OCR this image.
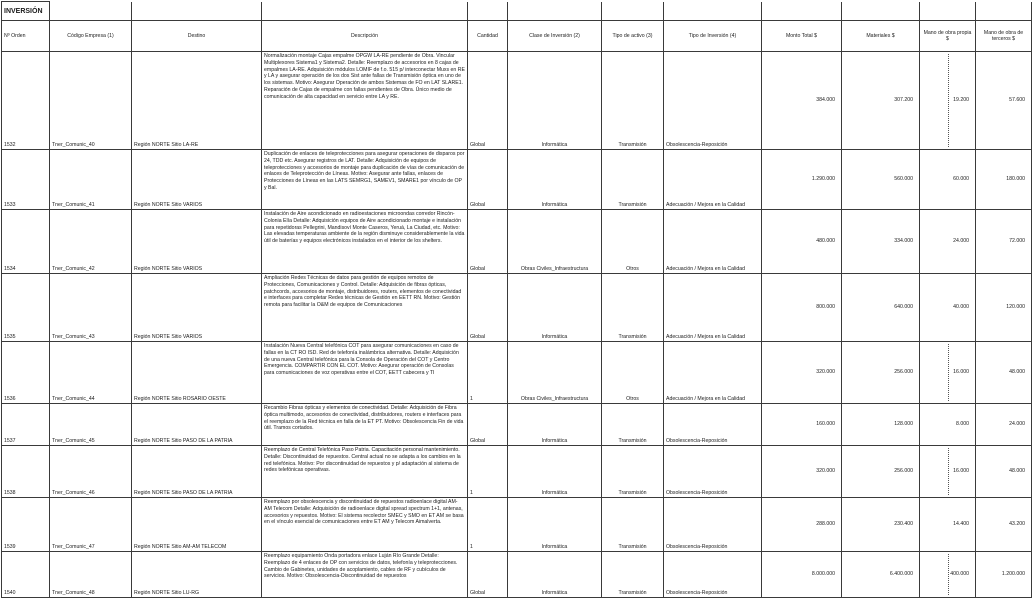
INVERSIÓN											
Nº Orden	Código Empresa (1)	Destino	Descripción	Cantidad	Clase de Inversión (2)	Tipo de activo (3)	Tipo de Inversión (4)	Monto Total $	Materiales $	Mano de obra propia $	Mano de obra de terceros $
1532	Tner_Comunic_40	Región NORTE Sitio LA-RE	Normalización montaje Cajas empalme OPGW LA-RE pendiente de Obra. Vincular Multiplexores Sistema1 y Sistema2. Detalle: Reemplazo de accesorios en 8 cajas de empalmes LA-RE. Adquisición módulos LOMIF de f.o. 515 p/ interconectar Muxs en RE y LA y asegurar operación de los dos Sist ante fallas de Transmisión óptica en uno de los sistemas. Motivo: Asegurar Operación de ambos Sistemas de FO en LAT SLARE1. Reparación de Cajas de empalme con fallas pendientes de Obra. Único medio de comunicación de alta capacidad en servicio entre LA y RE.	Global	Informática	Transmisión	Obsolescencia-Reposición	384.000	307.200	19.200	57.600
1533	Tner_Comunic_41	Región NORTE Sitio VARIOS	Duplicación de enlaces de teleprotecciones para asegurar operaciones de disparos por 24, TDD etc. Asegurar registros de LAT. Detalle: Adquisición de equipos de teleprotecciones y accesorios de montaje para duplicación de vías de comunicación de enlaces de Teleprotección de Líneas. Motivo: Asegurar ante fallas, enlaces de Protecciones de Líneas en las LATS SEMRG1, SAMEV1, SMARE1 por vínculo de OP y Bal.	Global	Informática	Transmisión	Adecuación / Mejora en la Calidad	1.290.000	560.000	60.000	180.000
1534	Tner_Comunic_42	Región NORTE Sitio VARIOS	Instalación de Aire acondicionado en radioestaciones microondas corredor Rincón-Colonia Elía Detalle: Adquisición equipos de Aire acondicionado montaje e instalación para repetidoras Pellegrini, Mandisoví Monte Caseros, Yeruá, La Ciudad, etc. Motivo: Las elevadas temperaturas ambiente de la región disminuye considerablemente la vida útil de baterías y equipos electrónicos instalados en el interior de los shelters.	Global	Obras Civiles_Infraestructura	Otros	Adecuación / Mejora en la Calidad	480.000	334.000	24.000	72.000
1535	Tner_Comunic_43	Región NORTE Sitio VARIOS	Ampliación Redes Técnicas de datos para gestión de equipos remotos de Protecciones, Comunicaciones y Control. Detalle: Adquisición de fibras ópticas, patchcords, accesorios de montaje, distribuidores, routers, elementos de conectividad e interfaces para completar Redes técnicas de Gestión en EETT RN. Motivo: Gestión remota para facilitar la O&M de equipos de Comunicaciones	Global	Informática	Transmisión	Adecuación / Mejora en la Calidad	800.000	640.000	40.000	120.000
1536	Tner_Comunic_44	Región NORTE Sitio ROSARIO OESTE	Instalación Nueva Central telefónica COT para asegurar comunicaciones en caso de fallas en la CT RO ISD. Red de telefonía inalámbrica alternativa. Detalle: Adquisición de una nueva Central telefónica para la Consola de Operación del COT y Centro Emergencia. COMPARTIR CON EL COT. Motivo: Asegurar operación de Consolas para comunicaciones de voz operativas entre el COT, EETT cabecera y TI	1	Obras Civiles_Infraestructura	Otros	Adecuación / Mejora en la Calidad	320.000	256.000	16.000	48.000
1537	Tner_Comunic_45	Región NORTE Sitio PASO DE LA PATRIA	Recambio Fibras ópticas y elementos de conectividad. Detalle: Adquisición de Fibra óptica multimodo, accesorios de conectividad, distribuidores, routers e interfaces para el reemplazo de la Red técnica en falla de la ET PT. Motivo: Obsolescencia Fin de vida útil. Tramos cortados.	Global	Informática	Transmisión	Obsolescencia-Reposición	160.000	128.000	8.000	24.000
1538	Tner_Comunic_46	Región NORTE Sitio PASO DE LA PATRIA	Reemplazo de Central Telefónica Paso Patria. Capacitación personal mantenimiento. Detalle: Discontinuidad de repuestos. Central actual no se adapta a los cambios en la red telefónica. Motivo: Por discontinuidad de repuestos y p/ adaptación al sistema de redes telefónicas operativas.	1	Informática	Transmisión	Obsolescencia-Reposición	320.000	256.000	16.000	48.000
1539	Tner_Comunic_47	Región NORTE Sitio AM-AM TELECOM	Reemplazo por obsolescencia y discontinuidad de repuestos radioenlace digital AM-AM Telecom Detalle: Adquisición de radioenlace digital spread spectrum 1+1, antenas, accesorios y repuestos. Motivo: El sistema recolector SMEC y SMO en ET AM se basa en el vínculo esencial de comunicaciones entre ET AM y Telecom Aimalverta.	1	Informática	Transmisión	Obsolescencia-Reposición	288.000	230.400	14.400	43.200
1540	Tner_Comunic_48	Región NORTE Sitio LU-RG	Reemplazo equipamiento Onda portadora enlace Luján Río Grande Detalle: Reemplazo de 4 enlaces de OP con servicios de datos, telefonía y teleprotecciones. Cambio de Gabinetes, unidades de acoplamiento, cables de RF y cubículos de servicios. Motivo: Obsolescencia-Discontinuidad de repuestos	Global	Informática	Transmisión	Obsolescencia-Reposición	8.000.000	6.400.000	400.000	1.200.000
